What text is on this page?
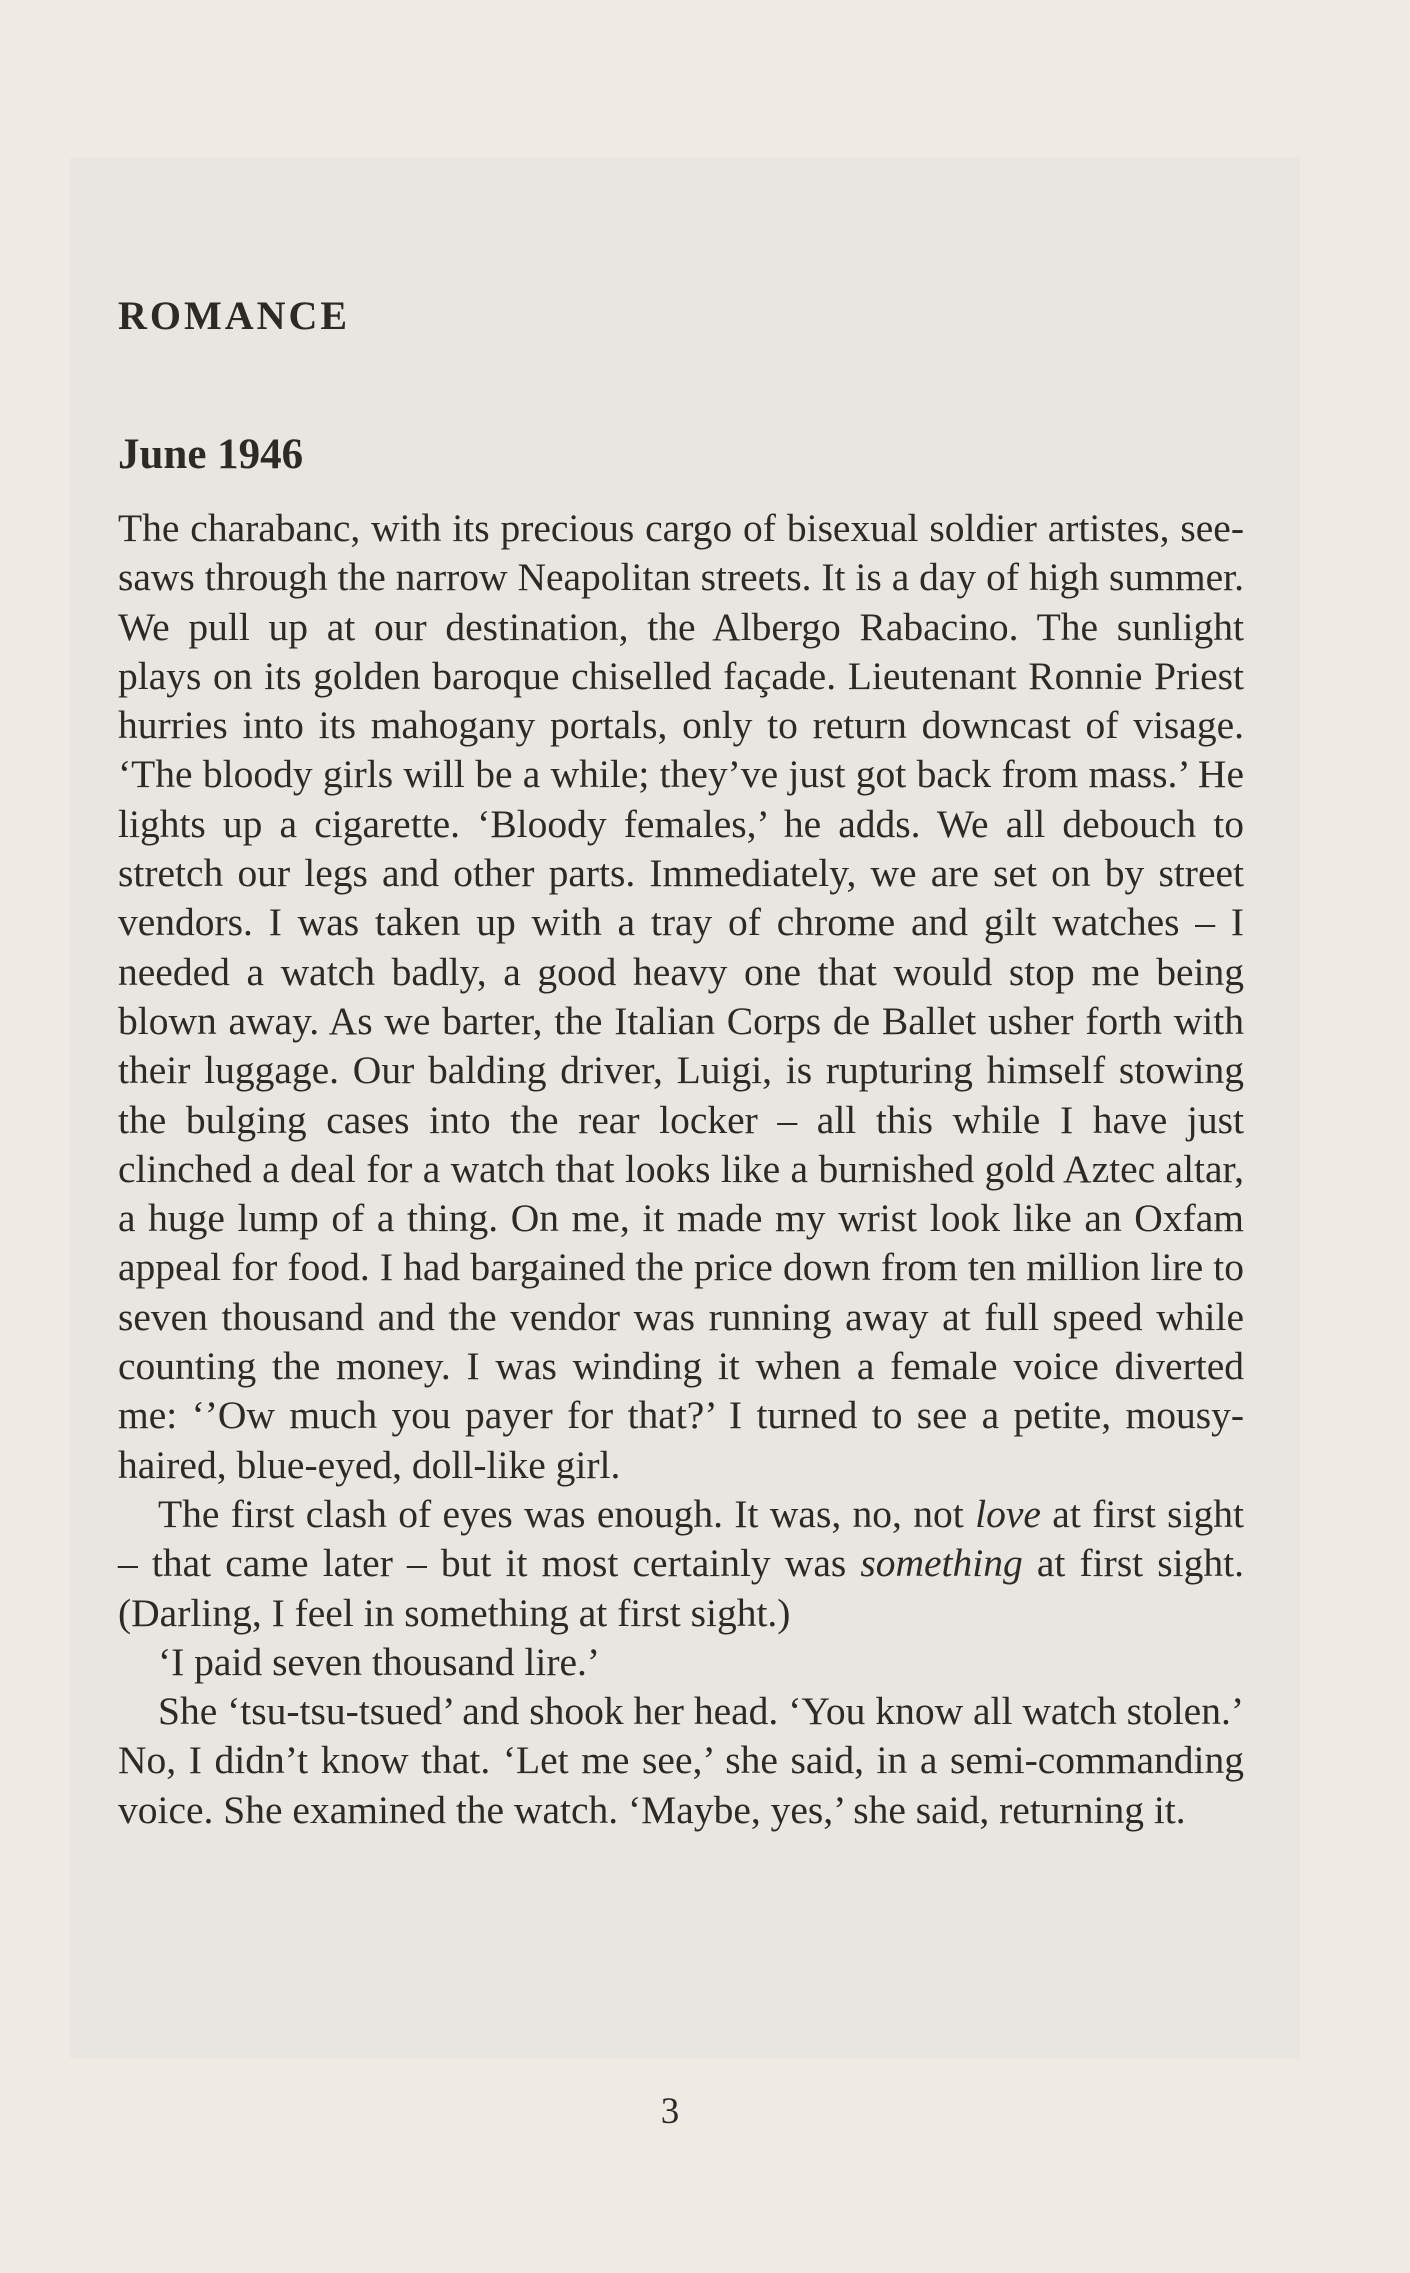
ROMANCE
June 1946

The charabanc, with its precious cargo of bisexual soldier artistes, see-saws through the narrow Neapolitan streets. It is a day of high summer. We pull up at our destination, the Albergo Rabacino. The sunlight plays on its golden baroque chiselled façade. Lieutenant Ronnie Priest hurries into its mahogany portals, only to return downcast of visage. ‘The bloody girls will be a while; they’ve just got back from mass.’ He lights up a cigarette. ‘Bloody females,’ he adds. We all debouch to stretch our legs and other parts. Immediately, we are set on by street vendors. I was taken up with a tray of chrome and gilt watches – I needed a watch badly, a good heavy one that would stop me being blown away. As we barter, the Italian Corps de Ballet usher forth with their luggage. Our balding driver, Luigi, is rupturing himself stowing the bulging cases into the rear locker – all this while I have just clinched a deal for a watch that looks like a burnished gold Aztec altar, a huge lump of a thing. On me, it made my wrist look like an Oxfam appeal for food. I had bargained the price down from ten million lire to seven thousand and the vendor was running away at full speed while counting the money. I was winding it when a female voice diverted me: ‘’Ow much you payer for that?’ I turned to see a petite, mousy-haired, blue-eyed, doll-like girl.

The first clash of eyes was enough. It was, no, not love at first sight – that came later – but it most certainly was something at first sight. (Darling, I feel in something at first sight.)

‘I paid seven thousand lire.’

She ‘tsu-tsu-tsued’ and shook her head. ‘You know all watch stolen.’ No, I didn’t know that. ‘Let me see,’ she said, in a semi-commanding voice. She examined the watch. ‘Maybe, yes,’ she said, returning it.

3
